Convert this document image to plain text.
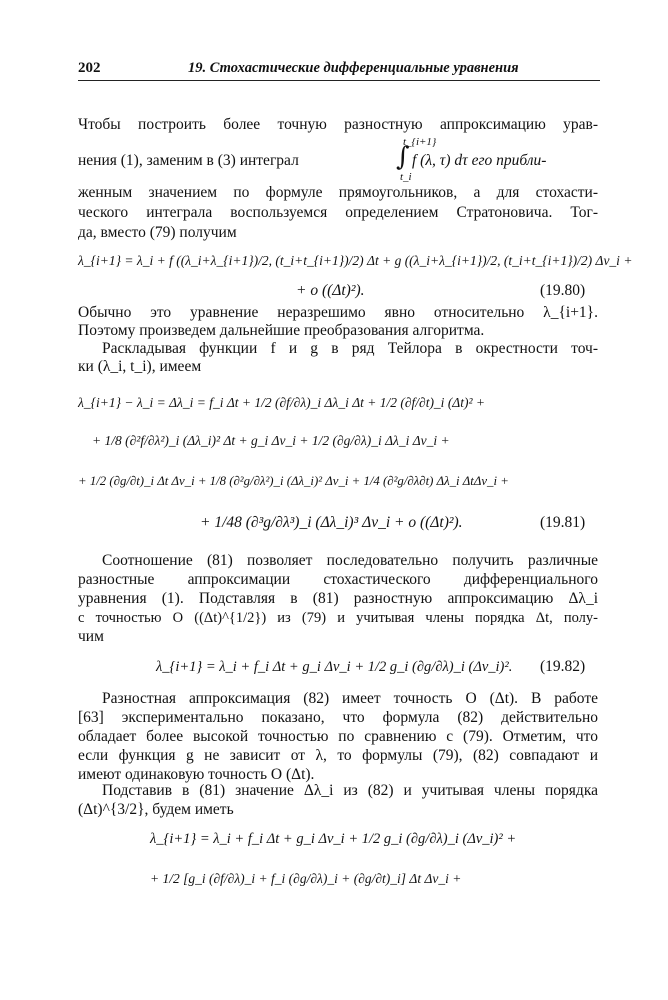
202	19. Стохастические дифференциальные уравнения
Чтобы построить более точную разностную аппроксимацию урав-
t_{i+1}
нения (1), заменим в (3) интеграл	∫ f (λ, τ) dτ его прибли-
t_i
женным значением по формуле прямоугольников, а для стохасти-
ческого интеграла воспользуемся определением Стратоновича. Тог-
да, вместо (79) получим
λ_{i+1} = λ_i + f ((λ_i+λ_{i+1})/2, (t_i+t_{i+1})/2) Δt + g ((λ_i+λ_{i+1})/2, (t_i+t_{i+1})/2) Δv_i +
+ o ((Δt)²).	(19.80)
Обычно это уравнение неразрешимо явно относительно λ_{i+1}.
Поэтому произведем дальнейшие преобразования алгоритма.
Раскладывая функции f и g в ряд Тейлора в окрестности точ-
ки (λ_i, t_i), имеем
λ_{i+1} − λ_i = Δλ_i = f_i Δt + 1/2 (∂f/∂λ)_i Δλ_i Δt + 1/2 (∂f/∂t)_i (Δt)² +
+ 1/8 (∂²f/∂λ²)_i (Δλ_i)² Δt + g_i Δv_i + 1/2 (∂g/∂λ)_i Δλ_i Δv_i +
+ 1/2 (∂g/∂t)_i Δt Δv_i + 1/8 (∂²g/∂λ²)_i (Δλ_i)² Δv_i + 1/4 (∂²g/∂λ∂t) Δλ_i ΔtΔv_i +
+ 1/48 (∂³g/∂λ³)_i (Δλ_i)³ Δv_i + o ((Δt)²).	(19.81)
Соотношение (81) позволяет последовательно получить различные
разностные аппроксимации стохастического дифференциального
уравнения (1). Подставляя в (81) разностную аппроксимацию Δλ_i
с точностью O ((Δt)^{1/2}) из (79) и учитывая члены порядка Δt, полу-
чим
λ_{i+1} = λ_i + f_i Δt + g_i Δv_i + 1/2 g_i (∂g/∂λ)_i (Δv_i)². (19.82)
Разностная аппроксимация (82) имеет точность O (Δt). В работе
[63] экспериментально показано, что формула (82) действительно
обладает более высокой точностью по сравнению с (79). Отметим, что
если функция g не зависит от λ, то формулы (79), (82) совпадают и
имеют одинаковую точность O (Δt).
Подставив в (81) значение Δλ_i из (82) и учитывая члены порядка
(Δt)^{3/2}, будем иметь
λ_{i+1} = λ_i + f_i Δt + g_i Δv_i + 1/2 g_i (∂g/∂λ)_i (Δv_i)² +
+ 1/2 [g_i (∂f/∂λ)_i + f_i (∂g/∂λ)_i + (∂g/∂t)_i] Δt Δv_i +
